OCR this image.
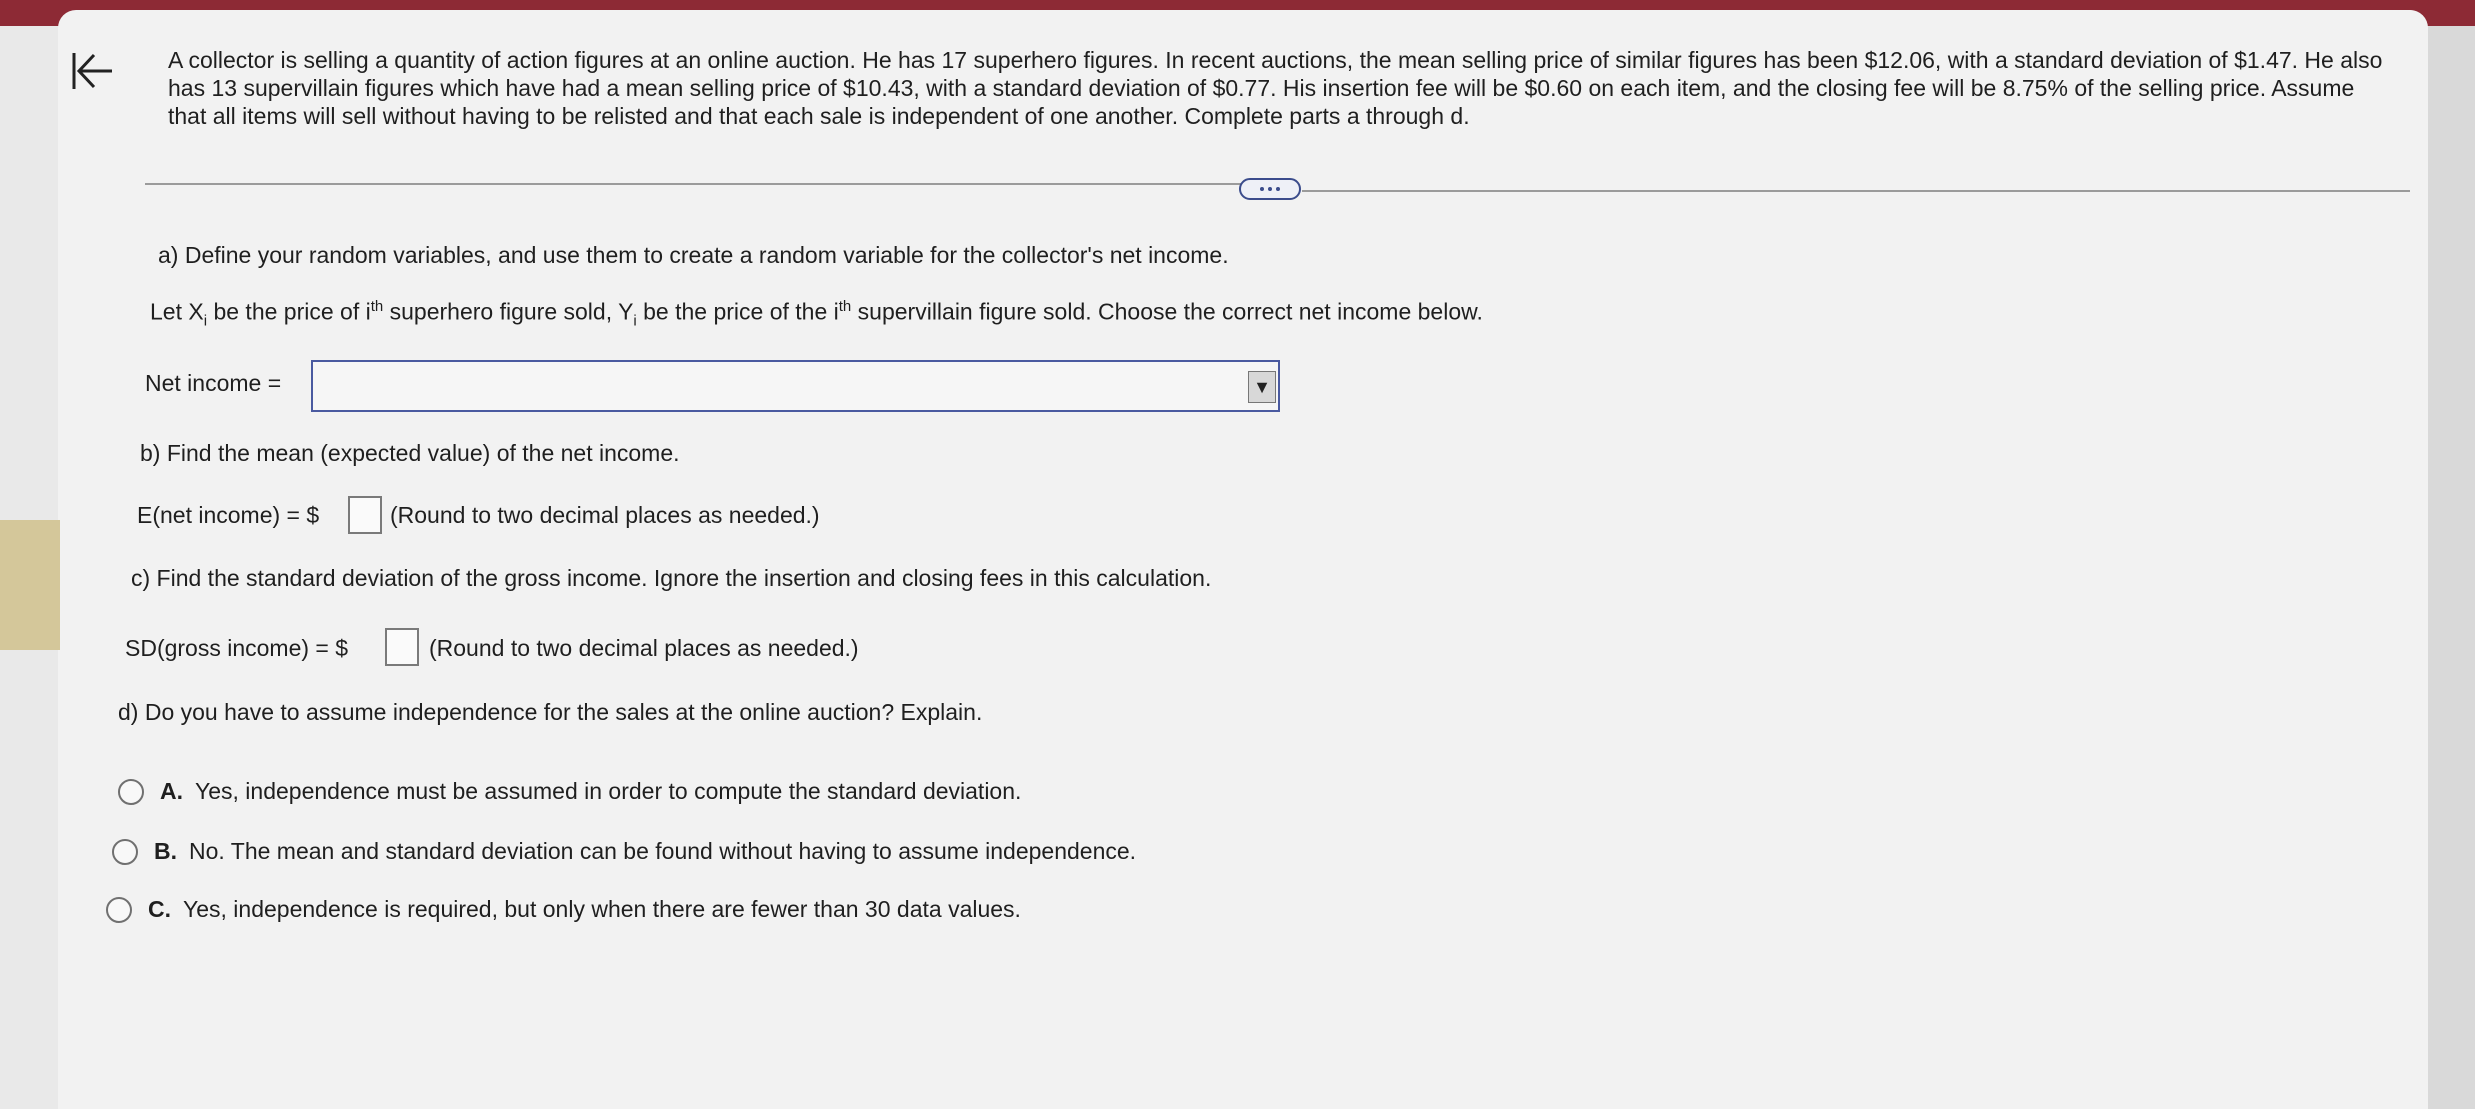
A collector is selling a quantity of action figures at an online auction. He has 17 superhero figures. In recent auctions, the mean selling price of similar figures has been $12.06, with a standard deviation of $1.47. He also has 13 supervillain figures which have had a mean selling price of $10.43, with a standard deviation of $0.77. His insertion fee will be $0.60 on each item, and the closing fee will be 8.75% of the selling price. Assume that all items will sell without having to be relisted and that each sale is independent of one another. Complete parts a through d.

a) Define your random variables, and use them to create a random variable for the collector's net income.

Let $X_i$ be the price of $i^{th}$ superhero figure sold, $Y_i$ be the price of the $i^{th}$ supervillain figure sold. Choose the correct net income below.

Net income =	▼

b) Find the mean (expected value) of the net income.

E(net income) = $	(Round to two decimal places as needed.)

c) Find the standard deviation of the gross income. Ignore the insertion and closing fees in this calculation.

SD(gross income) = $	(Round to two decimal places as needed.)

d) Do you have to assume independence for the sales at the online auction? Explain.

A. Yes, independence must be assumed in order to compute the standard deviation.
B. No. The mean and standard deviation can be found without having to assume independence.
C. Yes, independence is required, but only when there are fewer than 30 data values.
